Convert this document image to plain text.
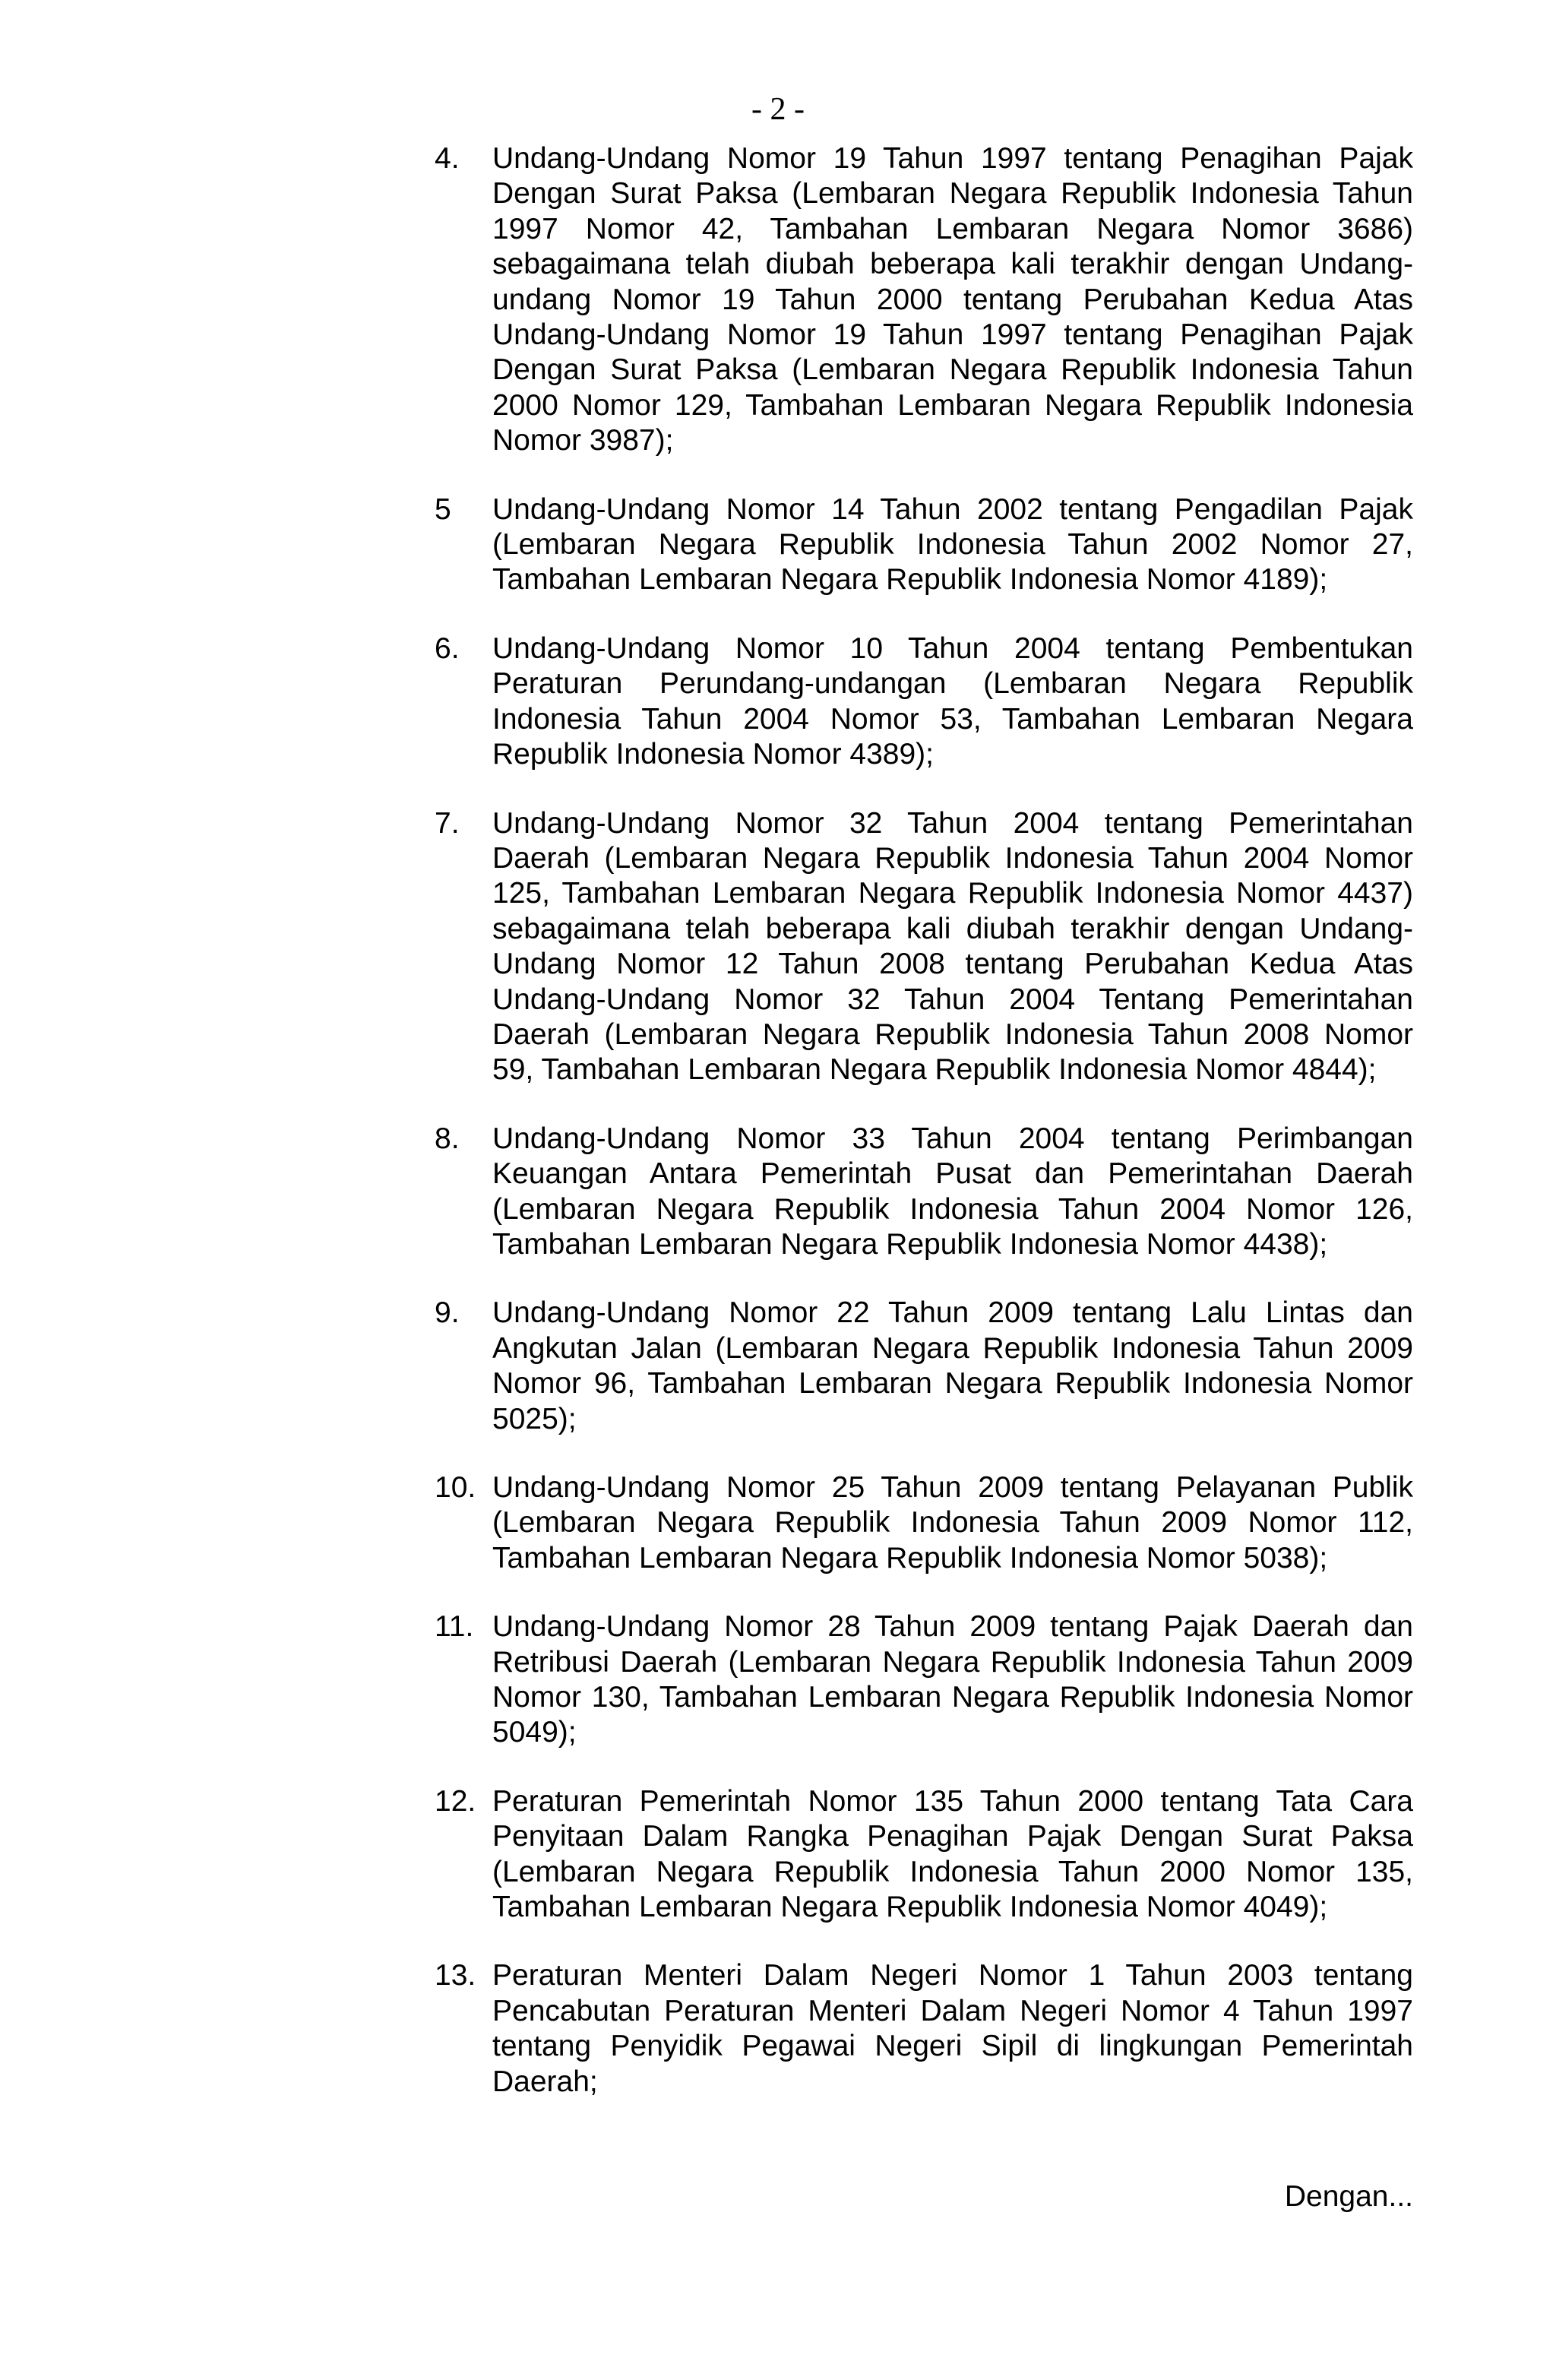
- 2 -
4.	Undang-Undang Nomor 19 Tahun 1997 tentang Penagihan Pajak Dengan Surat Paksa (Lembaran Negara Republik Indonesia Tahun 1997 Nomor 42, Tambahan Lembaran Negara Nomor 3686) sebagaimana telah diubah beberapa kali terakhir dengan Undang-undang Nomor 19 Tahun 2000 tentang Perubahan Kedua Atas Undang-Undang Nomor 19 Tahun 1997 tentang Penagihan Pajak Dengan Surat Paksa (Lembaran Negara Republik Indonesia Tahun 2000 Nomor 129, Tambahan Lembaran Negara Republik Indonesia Nomor 3987);
5	Undang-Undang Nomor 14 Tahun 2002 tentang Pengadilan Pajak (Lembaran Negara Republik Indonesia Tahun 2002 Nomor 27, Tambahan Lembaran Negara Republik Indonesia Nomor 4189);
6.	Undang-Undang Nomor 10 Tahun 2004 tentang Pembentukan Peraturan Perundang-undangan (Lembaran Negara Republik Indonesia Tahun 2004 Nomor 53, Tambahan Lembaran Negara Republik Indonesia Nomor 4389);
7.	Undang-Undang Nomor 32 Tahun 2004 tentang Pemerintahan Daerah (Lembaran Negara Republik Indonesia Tahun 2004 Nomor 125, Tambahan Lembaran Negara Republik Indonesia Nomor 4437) sebagaimana telah beberapa kali diubah terakhir dengan Undang-Undang Nomor 12 Tahun 2008 tentang Perubahan Kedua Atas Undang-Undang Nomor 32 Tahun 2004 Tentang Pemerintahan Daerah (Lembaran Negara Republik Indonesia Tahun 2008 Nomor 59, Tambahan Lembaran Negara Republik Indonesia Nomor 4844);
8.	Undang-Undang Nomor 33 Tahun 2004 tentang Perimbangan Keuangan Antara Pemerintah Pusat dan Pemerintahan Daerah (Lembaran Negara Republik Indonesia Tahun 2004 Nomor 126, Tambahan Lembaran Negara Republik Indonesia Nomor 4438);
9.	Undang-Undang Nomor 22 Tahun 2009 tentang Lalu Lintas dan Angkutan Jalan (Lembaran Negara Republik Indonesia Tahun 2009 Nomor 96, Tambahan Lembaran Negara Republik Indonesia Nomor 5025);
10. Undang-Undang Nomor 25 Tahun 2009 tentang Pelayanan Publik (Lembaran Negara Republik Indonesia Tahun 2009 Nomor 112, Tambahan Lembaran Negara Republik Indonesia Nomor 5038);
11. Undang-Undang Nomor 28 Tahun 2009 tentang Pajak Daerah dan Retribusi Daerah (Lembaran Negara Republik Indonesia Tahun 2009 Nomor 130, Tambahan Lembaran Negara Republik Indonesia Nomor 5049);
12. Peraturan Pemerintah Nomor 135 Tahun 2000 tentang Tata Cara Penyitaan Dalam Rangka Penagihan Pajak Dengan Surat Paksa (Lembaran Negara Republik Indonesia Tahun 2000 Nomor 135, Tambahan Lembaran Negara Republik Indonesia Nomor 4049);
13. Peraturan Menteri Dalam Negeri Nomor 1 Tahun 2003 tentang Pencabutan Peraturan Menteri Dalam Negeri Nomor 4 Tahun 1997 tentang Penyidik Pegawai Negeri Sipil di lingkungan Pemerintah Daerah;
Dengan...
